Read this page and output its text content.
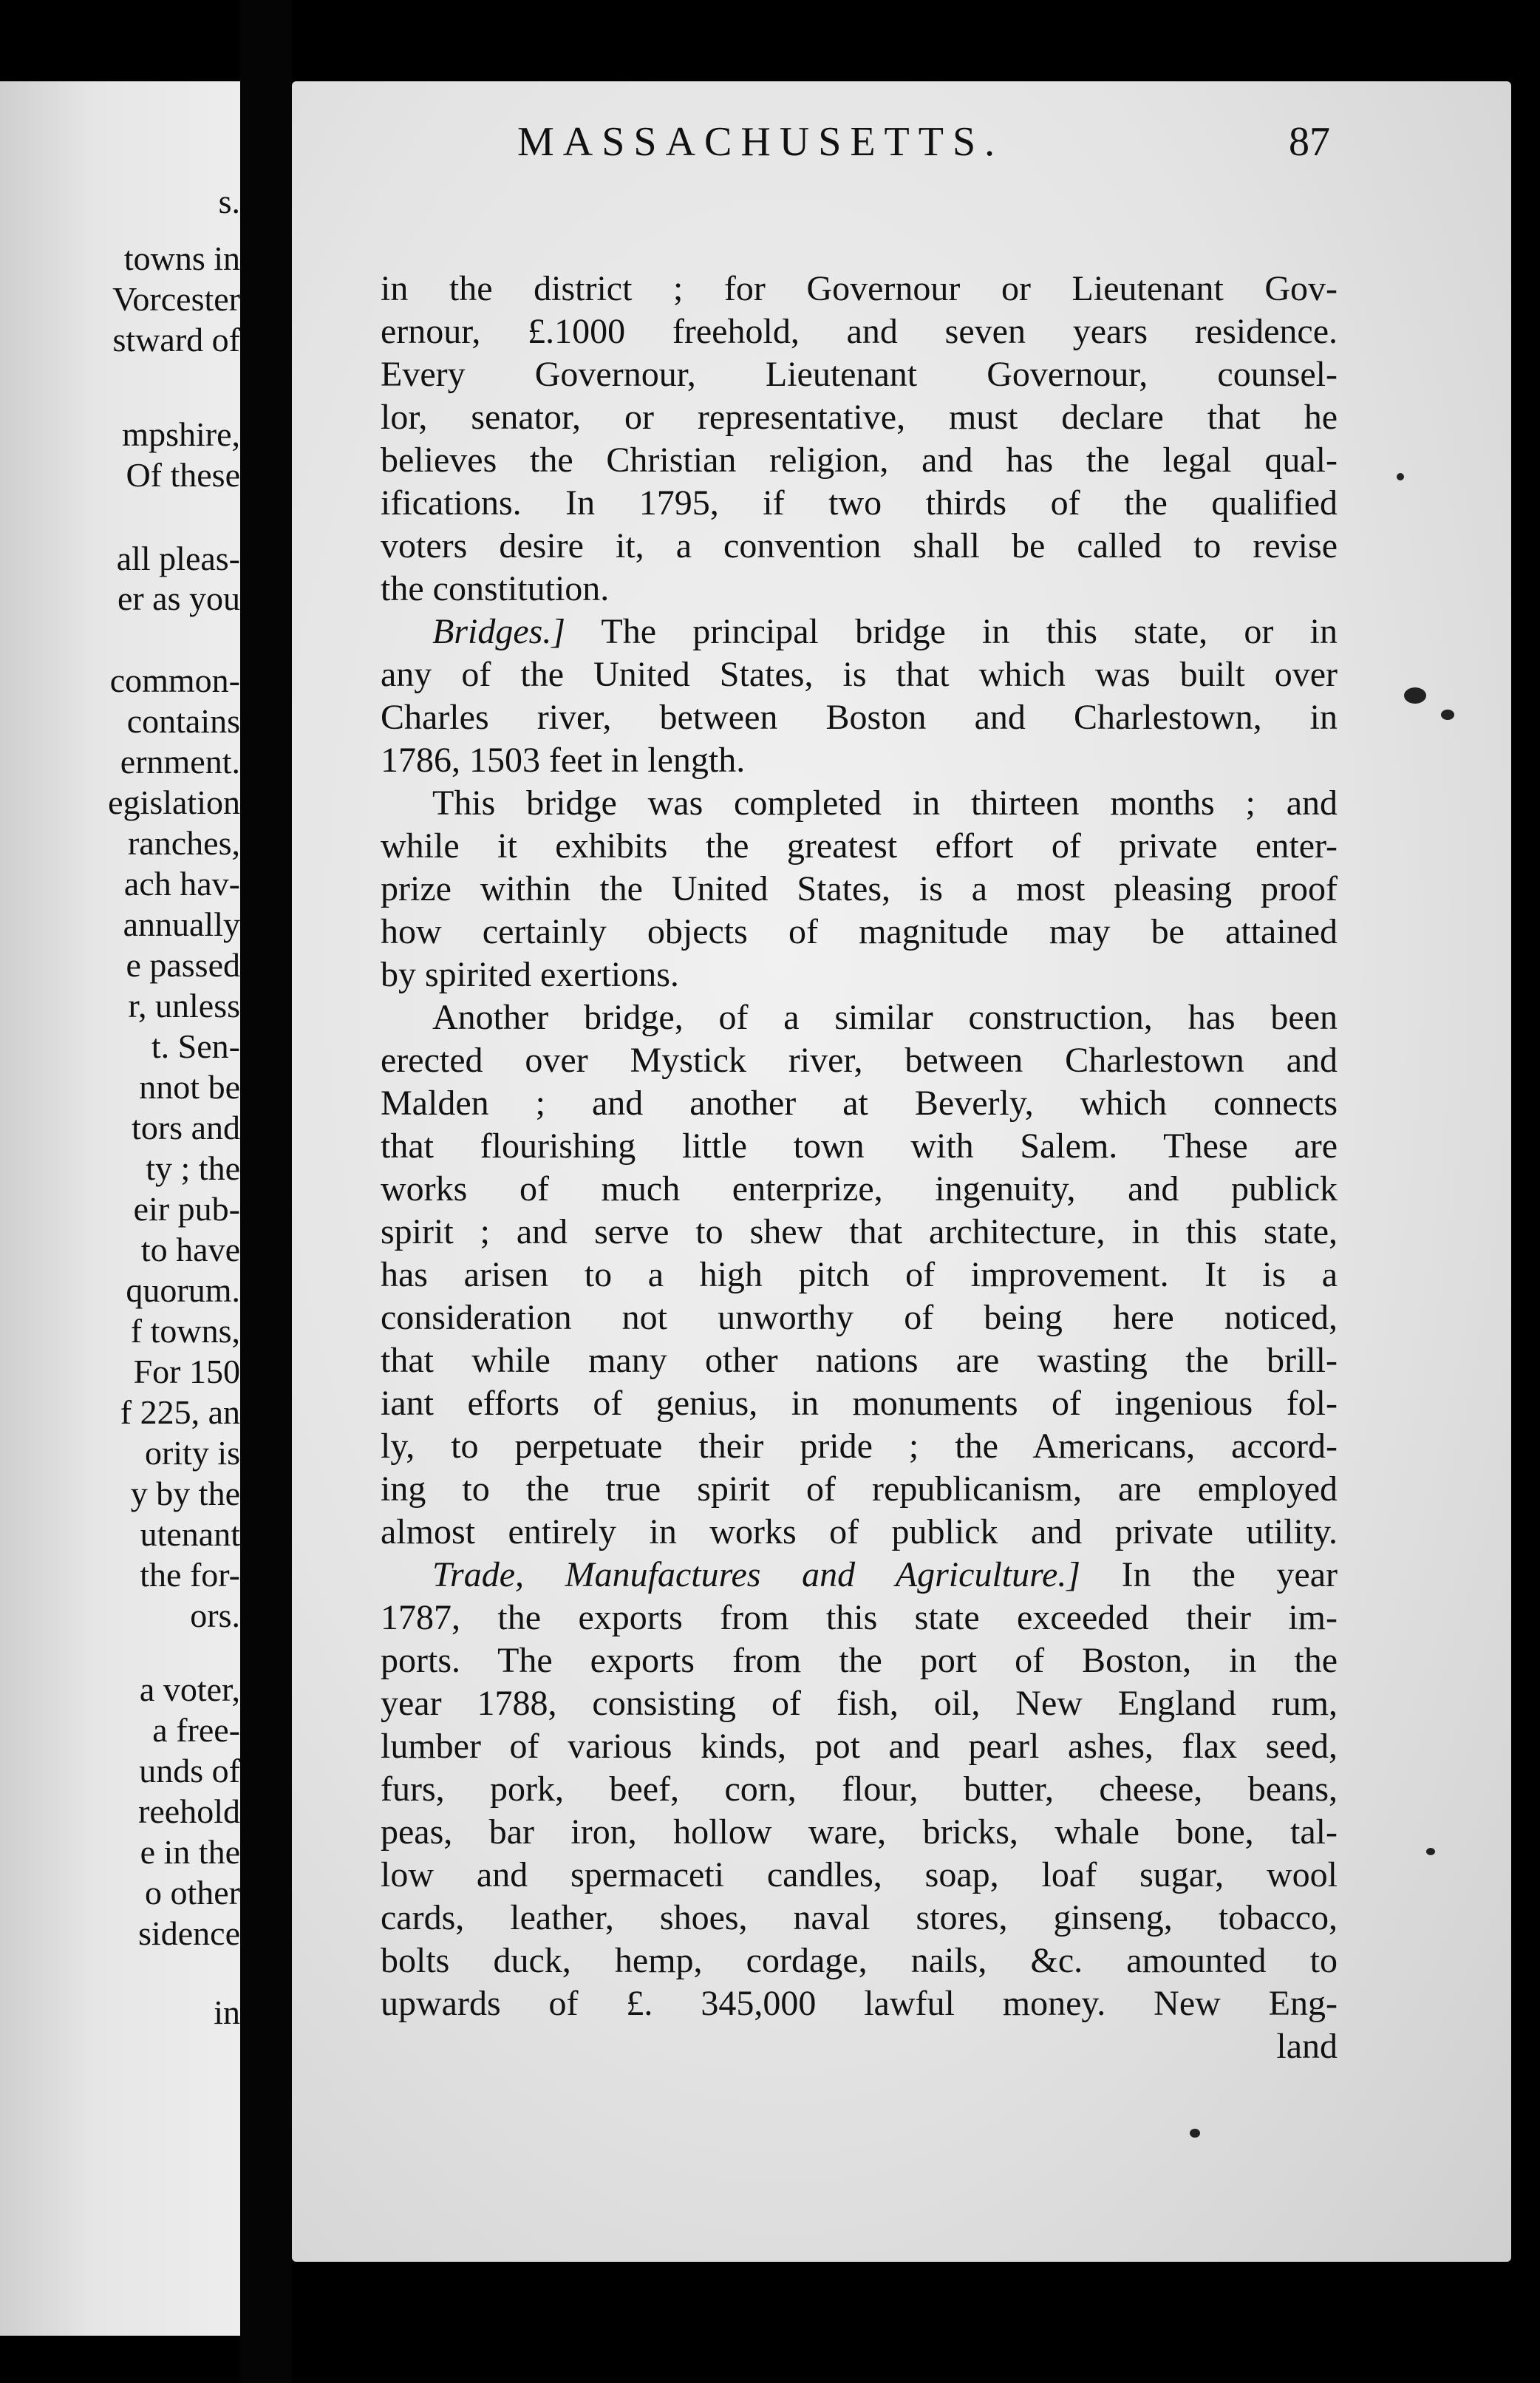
s.
towns in
Vorcester
stward of
mpshire,
Of these
all pleas-
er as you
common-
contains
ernment.
egislation
ranches,
ach hav-
annually
e passed
r, unless
t. Sen-
nnot be
tors and
ty ; the
eir pub-
to have
quorum.
f towns,
For 150
f 225, an
ority is
y by the
utenant
the for-
ors.
a voter,
a free-
unds of
reehold
e in the
o other
sidence
in
MASSACHUSETTS.	87
in the district ; for Governour or Lieutenant Gov-
ernour, £.1000 freehold, and seven years residence.
Every Governour, Lieutenant Governour, counsel-
lor, senator, or representative, must declare that he
believes the Christian religion, and has the legal qual-
ifications. In 1795, if two thirds of the qualified
voters desire it, a convention shall be called to revise
the constitution.
Bridges.] The principal bridge in this state, or in
any of the United States, is that which was built over
Charles river, between Boston and Charlestown, in
1786, 1503 feet in length.
This bridge was completed in thirteen months ; and
while it exhibits the greatest effort of private enter-
prize within the United States, is a most pleasing proof
how certainly objects of magnitude may be attained
by spirited exertions.
Another bridge, of a similar construction, has been
erected over Mystick river, between Charlestown and
Malden ; and another at Beverly, which connects
that flourishing little town with Salem. These are
works of much enterprize, ingenuity, and publick
spirit ; and serve to shew that architecture, in this state,
has arisen to a high pitch of improvement. It is a
consideration not unworthy of being here noticed,
that while many other nations are wasting the brill-
iant efforts of genius, in monuments of ingenious fol-
ly, to perpetuate their pride ; the Americans, accord-
ing to the true spirit of republicanism, are employed
almost entirely in works of publick and private utility.
Trade, Manufactures and Agriculture.] In the year
1787, the exports from this state exceeded their im-
ports. The exports from the port of Boston, in the
year 1788, consisting of fish, oil, New England rum,
lumber of various kinds, pot and pearl ashes, flax seed,
furs, pork, beef, corn, flour, butter, cheese, beans,
peas, bar iron, hollow ware, bricks, whale bone, tal-
low and spermaceti candles, soap, loaf sugar, wool
cards, leather, shoes, naval stores, ginseng, tobacco,
bolts duck, hemp, cordage, nails, &c. amounted to
upwards of £. 345,000 lawful money. New Eng-
land
